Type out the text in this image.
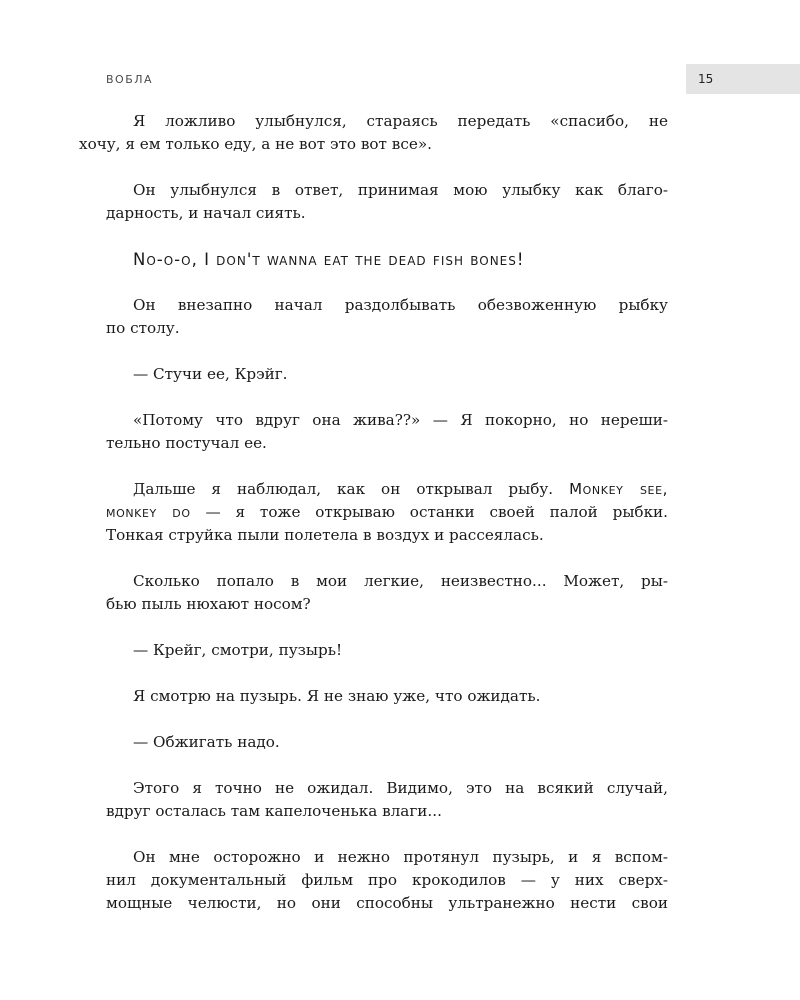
ВОБЛА	15

Я ложливо улыбнулся, стараясь передать «спасибо, не
хочу, я ем только еду, а не вот это вот все».

Он улыбнулся в ответ, принимая мою улыбку как благо-
дарность, и начал сиять.

No-o-o, I don't wanna eat the dead fish bones!

Он внезапно начал раздолбывать обезвоженную рыбку
по столу.

— Стучи ее, Крэйг.

«Потому что вдруг она жива??» — Я покорно, но нереши-
тельно постучал ее.

Дальше я наблюдал, как он открывал рыбу. Monkey see,
monkey do — я тоже открываю останки своей палой рыбки.
Тонкая струйка пыли полетела в воздух и рассеялась.

Сколько попало в мои легкие, неизвестно... Может, ры-
бью пыль нюхают носом?

— Крейг, смотри, пузырь!

Я смотрю на пузырь. Я не знаю уже, что ожидать.

— Обжигать надо.

Этого я точно не ожидал. Видимо, это на всякий случай,
вдруг осталась там капелоченька влаги...

Он мне осторожно и нежно протянул пузырь, и я вспом-
нил документальный фильм про крокодилов — у них сверх-
мощные челюсти, но они способны ультранежно нести свои
